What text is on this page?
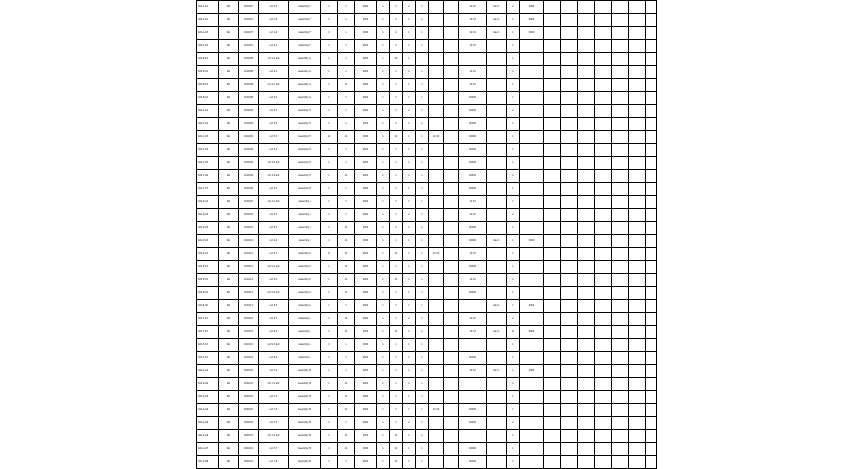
Site A-01	NA	2019/07	Lot 1-4	Assembly F	1	1	0000	1	3	1	1			12.34	Rev 1	1	0000							
Site A-02	NA	2019/07	Lot 1-4	Assembly F	1	1	0000	1	3	1	1			12.34	Rev 1	1	0000							
Site A-03	NA	2019/07	Lot 1-4	Assembly F	2	1	0000	1	4	1	1			12.34	Rev 1	1	0000							
Site A-04	NA	2019/07	Lot 2-1	Assembly F	1	1	0000	1	3	1	1			12.34		1								
Site B-01	NA	2019/08	Lot 2-2 ext	Assembly G	1	1	0000	1	10	1						1								
Site B-02	NA	2019/08	Lot 2-3	Assembly G	1	1	0000	1	1	1	1			12.34		1								
Site B-03	NA	2019/08	Lot 2-3 ext	Assembly G	3	11	0000	1	1	1	1			12.34		1								
Site B-04	NA	2019/08	Lot 2-4	Assembly G	1	1	0000	1	1	1	1			00000		1								
Site C-01	NA	2019/09	Lot 3-1	Assembly H	1	1	0000	1	3	1	1			00000		1								
Site C-02	NA	2019/09	Lot 3-2	Assembly H	1	1	0000	1	2	1	1			00000		1								
Site C-03	NA	2019/09	Lot 3-3	Assembly H	11	11	0000	1	11	1	1	12.34		00000		1								
Site C-04	NA	2019/09	Lot 3-4	Assembly H	1	1	0000	1	1	1	1			00000		1								
Site C-05	NA	2019/09	Lot 3-5 ext	Assembly H	1	1	0000	1	1	1	1			00000		1								
Site C-06	NA	2019/09	Lot 3-6 ext	Assembly H	1	11	0000	1	1	1	1			00000		1								
Site C-07	NA	2019/09	Lot 3-7	Assembly H	1	1	0000	1	3	1	1			00000		1								
Site D-01	NA	2019/10	Lot 4-1 ext	Assembly J	1	1	0000	1	1	1	1			12.34		1								
Site D-02	NA	2019/10	Lot 4-2	Assembly J	1	1	0000	1	1	1	1			12.34		1								
Site D-03	NA	2019/10	Lot 4-3	Assembly J	1	11	0000	1	2	1	1			00000		1								
Site D-04	NA	2019/10	Lot 4-4	Assembly J	1	11	0000	1	1	1	1			00000	Rev 1	1	0000							
Site E-01	NA	2019/11	Lot 5-1	Assembly K	8	11	0000	1	11	1	1	12.34		12.34		1								
Site E-02	NA	2019/11	Lot 5-2 ext	Assembly K	1	11	0000	1	1	1	1			00000		1								
Site E-03	NA	2019/11	Lot 5-3	Assembly K	1	11	0000	1	11	1	1			12.34		1								
Site E-04	NA	2019/11	Lot 5-4 ext	Assembly K	1	11	0000	1	1	1	1			00000		1								
Site E-05	NA	2019/11	Lot 5-5	Assembly K	1	1	0000	1	1	1	1				Rev 1	1	0000							
Site F-01	NA	2019/12	Lot 6-1	Assembly L	1	11	0000	1	1	1	1			12.34		1								
Site F-02	NA	2019/12	Lot 6-2	Assembly L	1	11	0000	1	11	1	1			12.34	Rev 1	11	0000							
Site F-03	NA	2019/12	Lot 6-3 ext	Assembly L	2	1	0000	1	1	1	1					1								
Site F-04	NA	2019/12	Lot 6-4	Assembly L	1	1	0000	1	1	1	1			00000		1								
Site G-01	NA	2020/01	Lot 7-1	Assembly M	1	1	0000	1	2	1	1			12.34	Rev 1	1	0000							
Site G-02	NA	2020/01	Lot 7-2 ext	Assembly M	1	11	0000	1	1	1	1					1								
Site G-03	NA	2020/01	Lot 7-3	Assembly M	2	11	0000	1	1	1	1					1								
Site G-04	NA	2020/01	Lot 7-4	Assembly M	1	11	0000	1	1	1	1	12.34		00000		1								
Site G-05	NA	2020/01	Lot 7-5	Assembly M	1	1	0000	1	1	1	1			00000		1								
Site G-06	NA	2020/01	Lot 7-6 ext	Assembly M	1	11	0000	1	11	1	1					1								
Site G-07	NA	2020/01	Lot 7-7	Assembly M	1	11	0000	1	11	1	1			00000		1								
Site G-08	NA	2020/01	Lot 7-8	Assembly M	1	1	0000	1	11	1	1			00000		1								
